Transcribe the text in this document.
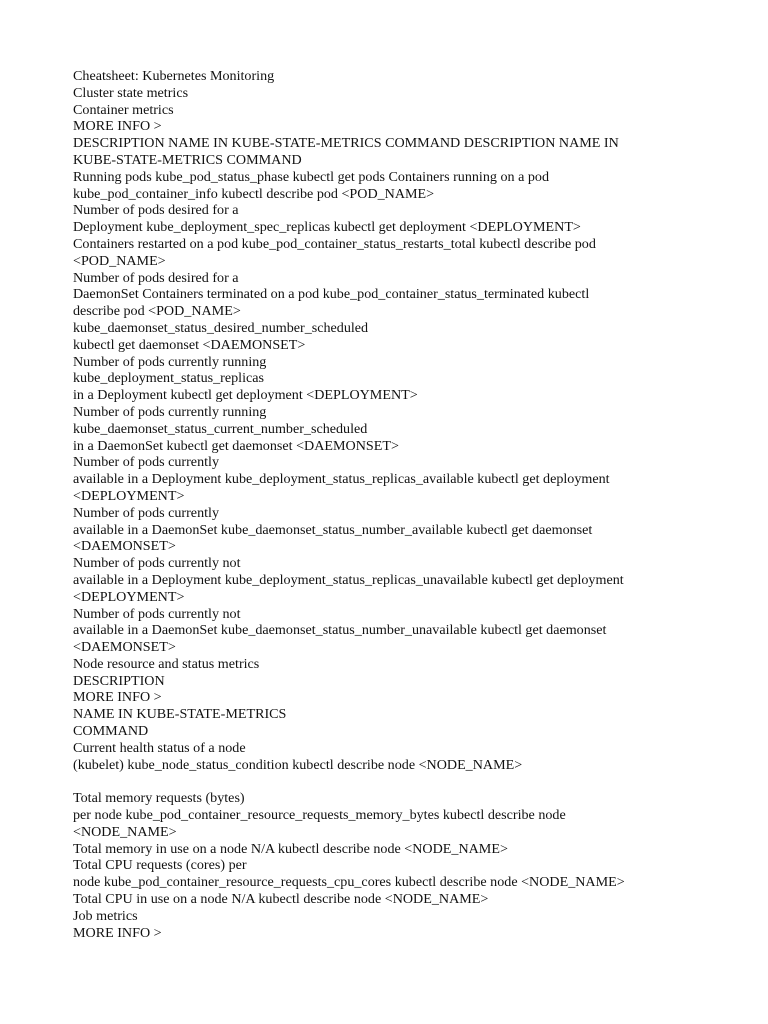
Cheatsheet: Kubernetes Monitoring
Cluster state metrics
Container metrics
MORE INFO >
DESCRIPTION NAME IN KUBE-STATE-METRICS COMMAND DESCRIPTION NAME IN
KUBE-STATE-METRICS COMMAND
Running pods kube_pod_status_phase kubectl get pods Containers running on a pod
kube_pod_container_info kubectl describe pod <POD_NAME>
Number of pods desired for a
Deployment kube_deployment_spec_replicas kubectl get deployment <DEPLOYMENT>
Containers restarted on a pod kube_pod_container_status_restarts_total kubectl describe pod
<POD_NAME>
Number of pods desired for a
DaemonSet Containers terminated on a pod kube_pod_container_status_terminated kubectl
describe pod <POD_NAME>
kube_daemonset_status_desired_number_scheduled
kubectl get daemonset <DAEMONSET>
Number of pods currently running
kube_deployment_status_replicas
in a Deployment kubectl get deployment <DEPLOYMENT>
Number of pods currently running
kube_daemonset_status_current_number_scheduled
in a DaemonSet kubectl get daemonset <DAEMONSET>
Number of pods currently
available in a Deployment kube_deployment_status_replicas_available kubectl get deployment
<DEPLOYMENT>
Number of pods currently
available in a DaemonSet kube_daemonset_status_number_available kubectl get daemonset
<DAEMONSET>
Number of pods currently not
available in a Deployment kube_deployment_status_replicas_unavailable kubectl get deployment
<DEPLOYMENT>
Number of pods currently not
available in a DaemonSet kube_daemonset_status_number_unavailable kubectl get daemonset
<DAEMONSET>
Node resource and status metrics
DESCRIPTION
MORE INFO >
NAME IN KUBE-STATE-METRICS
COMMAND
Current health status of a node
(kubelet) kube_node_status_condition kubectl describe node <NODE_NAME>
Total memory requests (bytes)
per node kube_pod_container_resource_requests_memory_bytes kubectl describe node
<NODE_NAME>
Total memory in use on a node N/A kubectl describe node <NODE_NAME>
Total CPU requests (cores) per
node kube_pod_container_resource_requests_cpu_cores kubectl describe node <NODE_NAME>
Total CPU in use on a node N/A kubectl describe node <NODE_NAME>
Job metrics
MORE INFO >
